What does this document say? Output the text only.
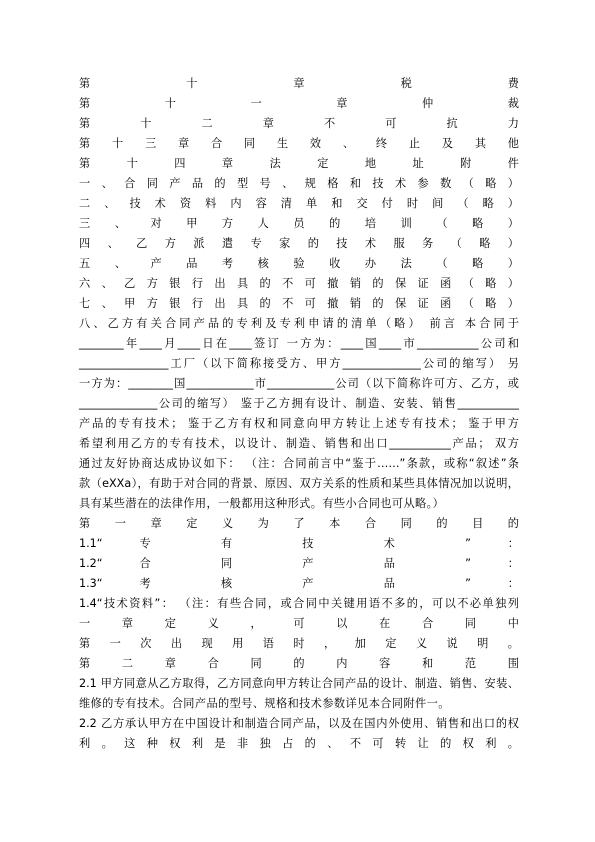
第 十 章 税 费
第 十 一 章 仲 裁
第 十 二 章 不 可 抗 力
第 十 三 章 合 同 生 效 、 终 止 及 其 他
第 十 四 章 法 定 地 址 附 件
一 、 合 同 产 品 的 型 号 、 规 格 和 技 术 参 数 （ 略 ）
二 、 技 术 资 料 内 容 清 单 和 交 付 时 间 （ 略 ）
三 、 对 甲 方 人 员 的 培 训 （ 略 ）
四 、 乙 方 派 遣 专 家 的 技 术 服 务 （ 略 ）
五 、 产 品 考 核 验 收 办 法 （ 略 ）
六 、 乙 方 银 行 出 具 的 不 可 撤 销 的 保 证 函 （ 略 ）
七 、 甲 方 银 行 出 具 的 不 可 撤 销 的 保 证 函 （ 略 ）
八、乙方有关合同产品的专利及专利申请的清单（略） 前言 本合同于
________年____月____日在____签订 一方为：____国____市___________公司和
________________工厂（以下简称接受方、甲方______________公司的缩写） 另
一方为：________国____________市____________公司（以下简称许可方、乙方，或
______________公司的缩写） 鉴于乙方拥有设计、制造、安装、销售___________
产品的专有技术； 鉴于乙方有权和同意向甲方转让上述专有技术； 鉴于甲方
希望利用乙方的专有技术，以设计、制造、销售和出口___________产品； 双方
通过友好协商达成协议如下： （注：合同前言中“鉴于……”条款，或称“叙述”条
款（eXXa），有助于对合同的背景、原因、双方关系的性质和某些具体情况加以说明，
具有某些潜在的法律作用，一般都用这种形式。有些小合同也可从略。）
第 一 章 定 义 为 了 本 合 同 的 目 的
1.1“ 专 有 技 术 ” ：
1.2“ 合 同 产 品 ” ：
1.3“ 考 核 产 品 ” ：
1.4“技术资料”： （注：有些合同，或合同中关键用语不多的，可以不必单独列
一 章 定 义 ， 可 以 在 合 同 中
第 一 次 出 现 用 语 时 ， 加 定 义 说 明 。
第 二 章 合 同 的 内 容 和 范 围
2.1 甲方同意从乙方取得，乙方同意向甲方转让合同产品的设计、制造、销售、安装、
维修的专有技术。合同产品的型号、规格和技术参数详见本合同附件一。
2.2 乙方承认甲方在中国设计和制造合同产品，以及在国内外使用、销售和出口的权
利 。 这 种 权 利 是 非 独 占 的 、 不 可 转 让 的 权 利 。
